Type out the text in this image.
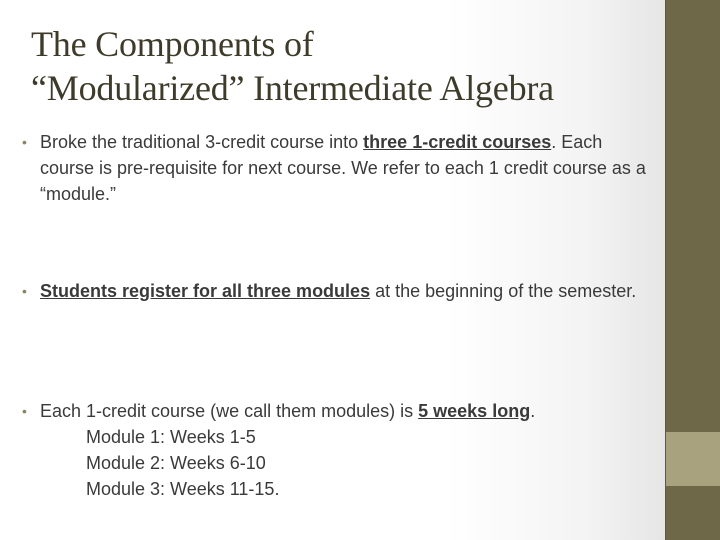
The Components of
“Modularized” Intermediate Algebra
• Broke the traditional 3-credit course into three 1-credit courses. Each course is pre-requisite for next course. We refer to each 1 credit course as a “module.”
• Students register for all three modules at the beginning of the semester.
• Each 1-credit course (we call them modules) is 5 weeks long.
Module 1: Weeks 1-5
Module 2: Weeks 6-10
Module 3: Weeks 11-15.
